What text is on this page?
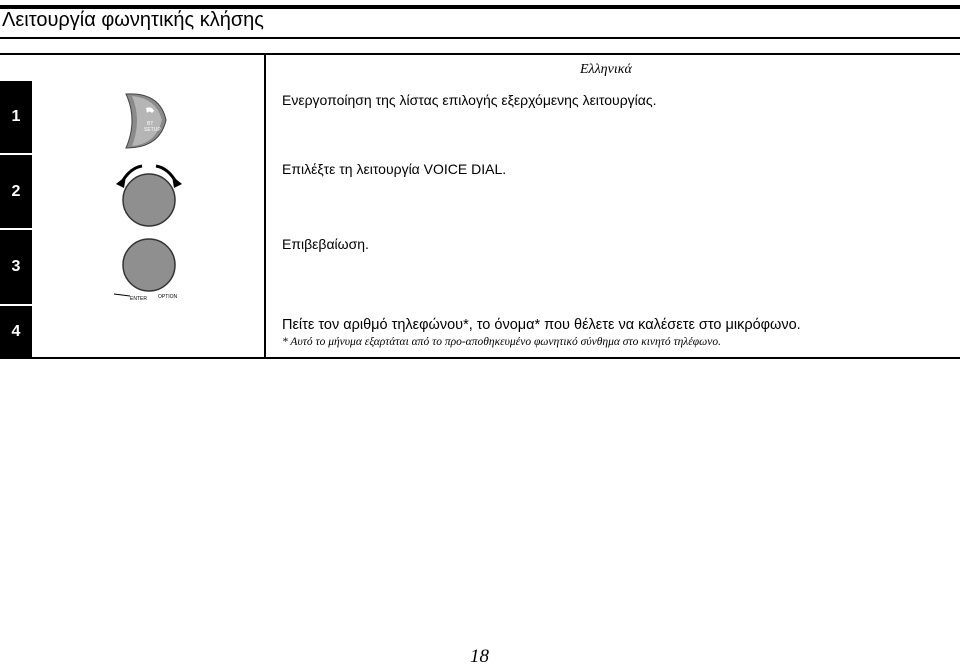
Λειτουργία φωνητικής κλήσης
Ελληνικά
1
2
3
4
Ενεργοποίηση της λίστας επιλογής εξερχόμενης λειτουργίας.
Επιλέξτε τη λειτουργία VOICE DIAL.
Επιβεβαίωση.
Πείτε τον αριθμό τηλεφώνου*, το όνομα* που θέλετε να καλέσετε στο μικρόφωνο.
* Αυτό το μήνυμα εξαρτάται από το προ-αποθηκευμένο φωνητικό σύνθημα στο κινητό τηλέφωνο.
BT
SETUP
ENTER OPTION
18
